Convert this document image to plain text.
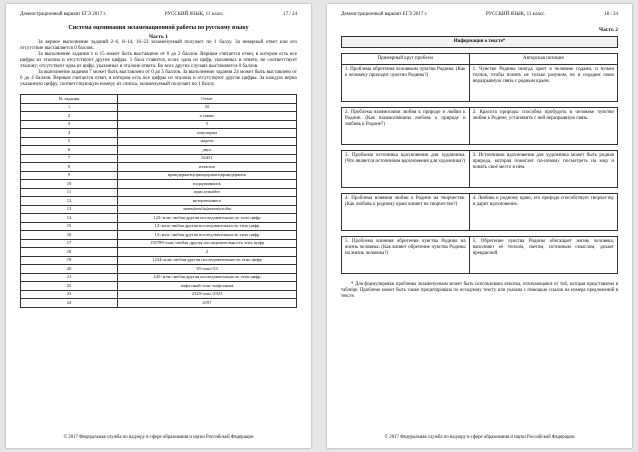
Демонстрационный вариант ЕГЭ 2017 г.	РУССКИЙ ЯЗЫК, 11 класс.	17 / 24
Система оценивания экзаменационной работы по русскому языку
Часть 1

За верное выполнение заданий 2–6, 8–14, 16–23 экзаменуемый получает по 1 баллу. За неверный ответ или его отсутствие выставляется 0 баллов.

За выполнение задания 1 и 15 может быть выставлено от 0 до 2 баллов. Верным считается ответ, в котором есть все цифры из эталона и отсутствуют другие цифры. 1 балл ставится, если: одна из цифр, указанных в ответе, не соответствует эталону; отсутствует одна из цифр, указанных в эталоне ответа. Во всех других случаях выставляется 0 баллов.

За выполнение задания 7 может быть выставлено от 0 до 5 баллов. За выполнение задания 24 может быть выставлено от 0 до 4 баллов. Верным считается ответ, в котором есть все цифры из эталона и отсутствуют другие цифры. За каждую верно указанную цифру, соответствующую номеру из списка, экзаменуемый получает по 1 баллу.

№ задания	Ответ
1	35
2	а также
3	5
4	откупорил
5	надеть
6	двух
7	32451
8	излагать
9	приидержать|приидержать|приидержать
10	подорвавшись
11	прислушайте
12	нетерпеливого
13	зачем|чтобы|затем|чтобы
14	123<или>любая другая последовательность этих цифр
15	12<или>любая другая последовательность этих цифр
16	12<или>любая другая последовательность этих цифр
17	135789<или>любая другая последовательность этих цифр
18	2
19	1234<или>любая другая последовательность этих цифр
20	35<или>53
21	245<или>любая другая последовательность этих цифр
22	пафосный<или>пафосным
23	2329<или>2923
24	4197
© 2017 Федеральная служба по надзору в сфере образования и науки Российской Федерации
Демонстрационный вариант ЕГЭ 2017 г.	РУССКИЙ ЯЗЫК, 11 класс.	18 / 24
Часть 2
Информация о тексте*	

Примерный круг проблем	Авторская позиция
1. Проблема обретения человеком чувства Родины. (Как к человеку приходит чувство Родины?)	1. Чувство Родины иногда зреет в человеке годами, и нужен толчок, чтобы понять не только разумом, но и сердцем свою неразрывную связь с родным краем.

2. Проблема взаимосвязи любви к природе и любви к Родине. (Как взаимосвязаны любовь к природе и любовь к Родине?)	2. Красота природы способна пробудить в человеке чувство любви к Родине, установить с ней неразрывную связь.

3. Проблема источника вдохновения для художника. (Что является источником вдохновения для художника?)	3. Источником вдохновения для художника может быть родная природа, которая помогает по-новому посмотреть на мир и понять своё место в нём.

4. Проблема влияния любви к Родине на творчество. (Как любовь к родному краю влияет на творчество?)	4. Любовь к родному краю, его природе способствует творчеству и дарит вдохновение.

5. Проблема влияния обретения чувства Родины на жизнь человека. (Как влияет обретение чувства Родины на жизнь человека?)	5. Обретение чувства Родины обогащает жизнь человека, наполняет её теплом, светом, истинным смыслом, делает прекрасной.
* Для формулировки проблемы экзаменуемым может быть использована лексика, отличающаяся от той, которая представлена в таблице. Проблема может быть также процитирована по исходному тексту или указана с помощью ссылок на номера предложений в тексте.
© 2017 Федеральная служба по надзору в сфере образования и науки Российской Федерации
